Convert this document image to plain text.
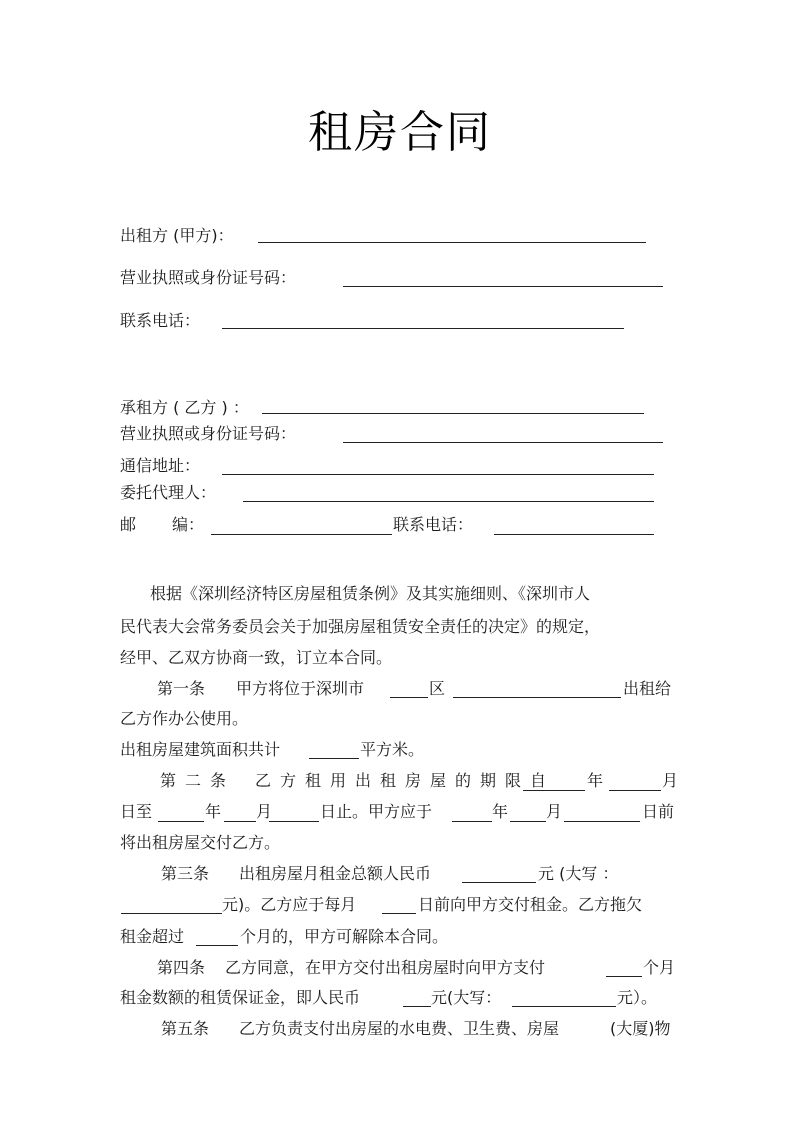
租房合同
出租方 (甲方)：
营业执照或身份证号码：
联系电话：
承租方 ( 乙方 ) ：
营业执照或身份证号码：
通信地址：
委托代理人：
邮 编：	联系电话：
根据《深圳经济特区房屋租赁条例》及其实施细则、《深圳市人
民代表大会常务委员会关于加强房屋租赁安全责任的决定》的规定，
经甲、乙双方协商一致，订立本合同。
第一条 甲方将位于深圳市	区	出租给
乙方作办公使用。
出租房屋建筑面积共计	平方米。
第二条 乙方租用出租房屋的期限自 年	月
日至	年 月	日止。甲方应于	年 月	日前
将出租房屋交付乙方。
第三条 出租房屋月租金总额人民币	元 (大写 ：
元)。乙方应于每月	日前向甲方交付租金。乙方拖欠
租金超过	个月的，甲方可解除本合同。
第四条 乙方同意，在甲方交付出租房屋时向甲方支付	个月
租金数额的租赁保证金，即人民币	元(大写：	元）。
第五条 乙方负责支付出房屋的水电费、卫生费、房屋	(大厦)物
